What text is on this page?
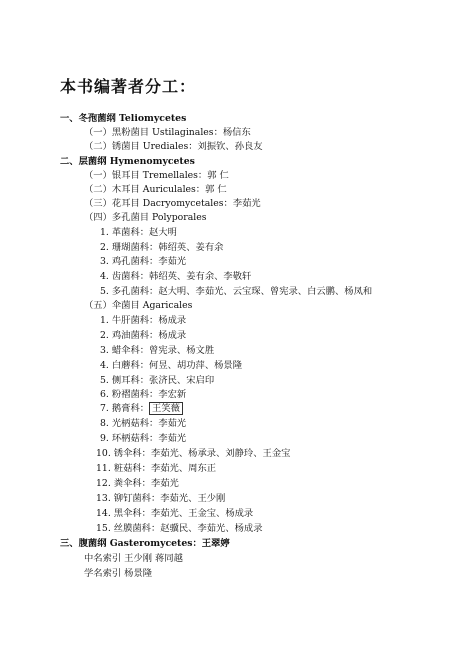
本书编著者分工：
一、冬孢菌纲 Teliomycetes
（一）黑粉菌目 Ustilaginales：杨信东
（二）锈菌目 Urediales：刘振钦、孙良友
二、层菌纲 Hymenomycetes
（一）银耳目 Tremellales：郭 仁
（二）木耳目 Auriculales：郭 仁
（三）花耳目 Dacryomycetales：李茹光
（四）多孔菌目 Polyporales
1. 革菌科：赵大明
2. 珊瑚菌科：韩绍英、姜有余
3. 鸡孔菌科：李茹光
4. 齿菌科：韩绍英、姜有余、李敬轩
5. 多孔菌科：赵大明、李茹光、云宝琛、曾宪录、白云鹏、杨凤和
（五）伞菌目 Agaricales
1. 牛肝菌科：杨成录
2. 鸡油菌科：杨成录
3. 蜡伞科：曾宪录、杨文胜
4. 白蘑科：何昱、胡功萍、杨景隆
5. 侧耳科：张济民、宋启印
6. 粉褶菌科：李宏新
7. 鹅膏科： 王笑薇
8. 光柄菇科：李茹光
9. 环柄菇科：李茹光
10. 锈伞科：李茹光、杨承录、刘静玲、王金宝
11. 粧菇科：李茹光、周东正
12. 粪伞科：李茹光
13. 铆钉菌科：李茹光、王少刚
14. 黑伞科：李茹光、王金宝、杨成录
15. 丝膜菌科：赵骥民、李茹光、杨成录
三、腹菌纲 Gasteromycetes：王翠婷
中名索引 王少刚 蒋同越
学名索引 杨景隆
